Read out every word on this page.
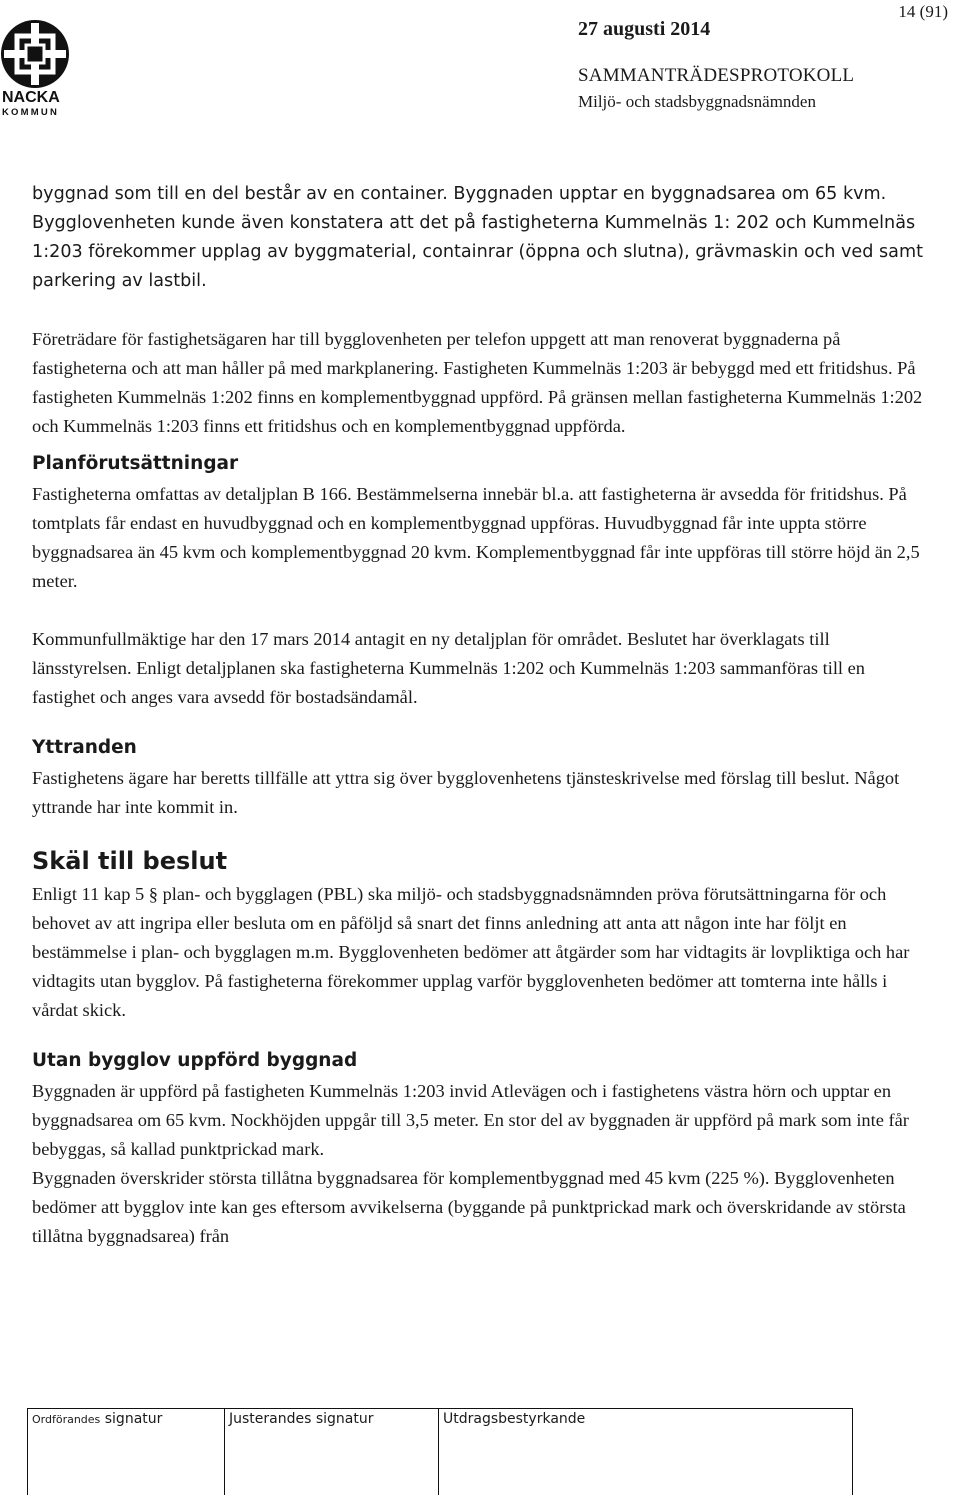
NACKA
KOMMUN
14 (91)
27 augusti 2014
SAMMANTRÄDESPROTOKOLL
Miljö- och stadsbyggnadsnämnden

byggnad som till en del består av en container. Byggnaden upptar en byggnadsarea om 65 kvm. Bygglovenheten kunde även konstatera att det på fastigheterna Kummelnäs 1: 202 och Kummelnäs 1:203 förekommer upplag av byggmaterial, containrar (öppna och slutna), grävmaskin och ved samt parkering av lastbil.

Företrädare för fastighetsägaren har till bygglovenheten per telefon uppgett att man renoverat byggnaderna på fastigheterna och att man håller på med markplanering. Fastigheten Kummelnäs 1:203 är bebyggd med ett fritidshus. På fastigheten Kummelnäs 1:202 finns en komplementbyggnad uppförd. På gränsen mellan fastigheterna Kummelnäs 1:202 och Kummelnäs 1:203 finns ett fritidshus och en komplementbyggnad uppförda.

Planförutsättningar

Fastigheterna omfattas av detaljplan B 166. Bestämmelserna innebär bl.a. att fastigheterna är avsedda för fritidshus. På tomtplats får endast en huvudbyggnad och en komplementbyggnad uppföras. Huvudbyggnad får inte uppta större byggnadsarea än 45 kvm och komplementbyggnad 20 kvm. Komplementbyggnad får inte uppföras till större höjd än 2,5 meter.

Kommunfullmäktige har den 17 mars 2014 antagit en ny detaljplan för området. Beslutet har överklagats till länsstyrelsen. Enligt detaljplanen ska fastigheterna Kummelnäs 1:202 och Kummelnäs 1:203 sammanföras till en fastighet och anges vara avsedd för bostadsändamål.

Yttranden

Fastighetens ägare har beretts tillfälle att yttra sig över bygglovenhetens tjänsteskrivelse med förslag till beslut. Något yttrande har inte kommit in.

Skäl till beslut

Enligt 11 kap 5 § plan- och bygglagen (PBL) ska miljö- och stadsbyggnadsnämnden pröva förutsättningarna för och behovet av att ingripa eller besluta om en påföljd så snart det finns anledning att anta att någon inte har följt en bestämmelse i plan- och bygglagen m.m. Bygglovenheten bedömer att åtgärder som har vidtagits är lovpliktiga och har vidtagits utan bygglov. På fastigheterna förekommer upplag varför bygglovenheten bedömer att tomterna inte hålls i vårdat skick.

Utan bygglov uppförd byggnad

Byggnaden är uppförd på fastigheten Kummelnäs 1:203 invid Atlevägen och i fastighetens västra hörn och upptar en byggnadsarea om 65 kvm. Nockhöjden uppgår till 3,5 meter. En stor del av byggnaden är uppförd på mark som inte får bebyggas, så kallad punktprickad mark.

Byggnaden överskrider största tillåtna byggnadsarea för komplementbyggnad med 45 kvm (225 %). Bygglovenheten bedömer att bygglov inte kan ges eftersom avvikelserna (byggande på punktprickad mark och överskridande av största tillåtna byggnadsarea) från

Ordförandes signatur	Justerandes signatur	Utdragsbestyrkande
